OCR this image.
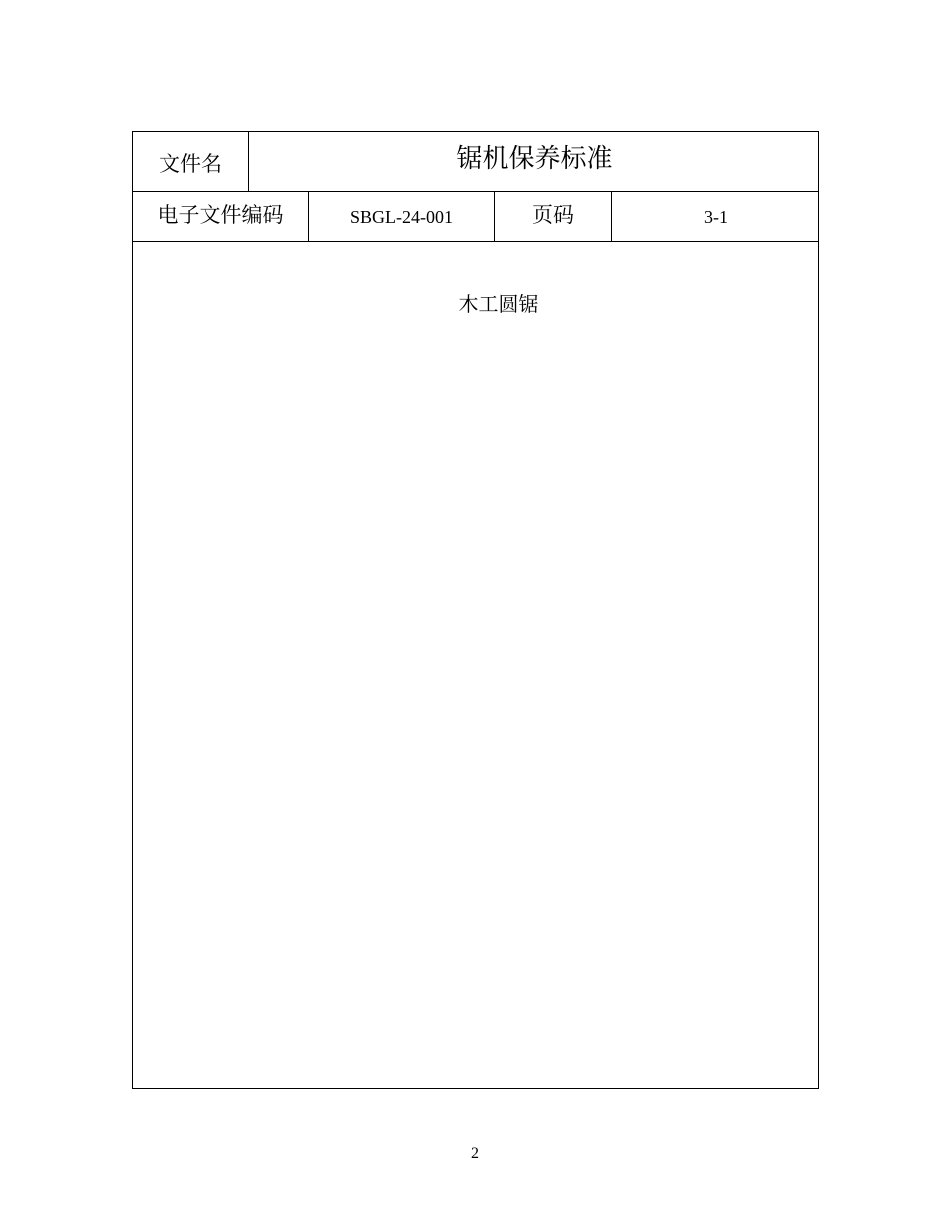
文件名	锯机保养标准
电子文件编码	SBGL-24-001	页码	3-1
木工圆锯
2
